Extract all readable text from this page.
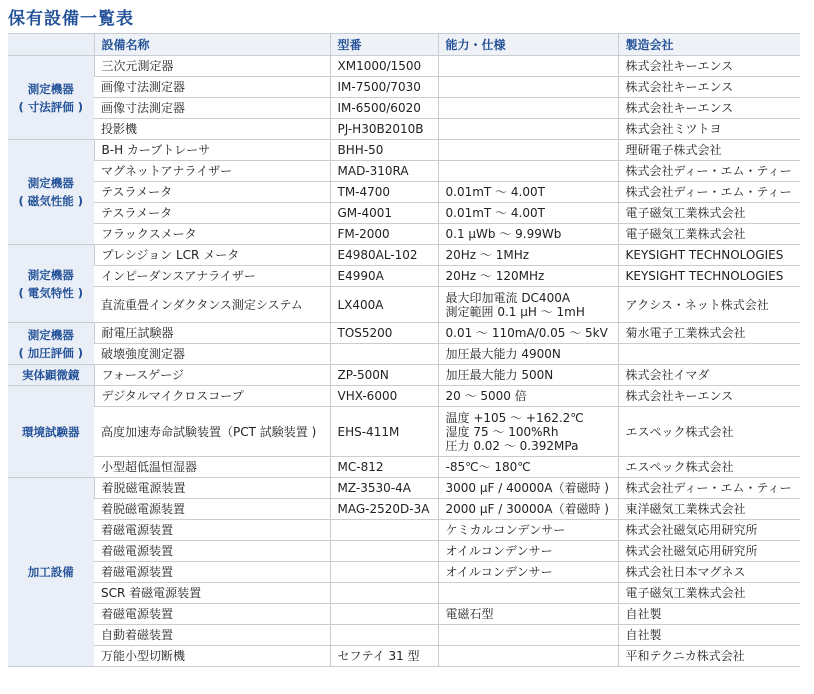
保有設備一覧表
	設備名称	型番	能力・仕様	製造会社

測定機器
( 寸法評価 )	三次元測定器	XM1000/1500		株式会社キーエンス
	画像寸法測定器	IM-7500/7030		株式会社キーエンス
	画像寸法測定器	IM-6500/6020		株式会社キーエンス
	投影機	PJ-H30B2010B		株式会社ミツトヨ

測定機器
( 磁気性能 )	B-H カーブトレーサ	BHH-50		理研電子株式会社
	マグネットアナライザー	MAD-310RA		株式会社ディー・エム・ティー
	テスラメータ	TM-4700	0.01mT ～ 4.00T	株式会社ディー・エム・ティー
	テスラメータ	GM-4001	0.01mT ～ 4.00T	電子磁気工業株式会社
	フラックスメータ	FM-2000	0.1 μWb ～ 9.99Wb	電子磁気工業株式会社

測定機器
( 電気特性 )	プレシジョン LCR メータ	E4980AL-102	20Hz ～ 1MHz	KEYSIGHT TECHNOLOGIES
	インピーダンスアナライザー	E4990A	20Hz ～ 120MHz	KEYSIGHT TECHNOLOGIES
	直流重畳インダクタンス測定システム	LX400A	最大印加電流 DC400A
測定範囲 0.1 μH ～ 1mH	アクシス・ネット株式会社

測定機器
( 加圧評価 )	耐電圧試験器	TOS5200	0.01 ～ 110mA/0.05 ～ 5kV	菊水電子工業株式会社
	破壊強度測定器		加圧最大能力 4900N	

実体顕微鏡	フォースゲージ	ZP-500N	加圧最大能力 500N	株式会社イマダ

環境試験器	デジタルマイクロスコープ	VHX-6000	20 ～ 5000 倍	株式会社キーエンス
	高度加速寿命試験装置（PCT 試験装置 )	EHS-411M	温度 +105 ～ +162.2℃
湿度 75 ～ 100%Rh
圧力 0.02 ～ 0.392MPa	エスペック株式会社
	小型超低温恒湿器	MC-812	-85℃～ 180℃	エスペック株式会社

加工設備	着脱磁電源装置	MZ-3530-4A	3000 μF / 40000A（着磁時 )	株式会社ディー・エム・ティー
	着脱磁電源装置	MAG-2520D-3A	2000 μF / 30000A（着磁時 )	東洋磁気工業株式会社
	着磁電源装置		ケミカルコンデンサー	株式会社磁気応用研究所
	着磁電源装置		オイルコンデンサー	株式会社磁気応用研究所
	着磁電源装置		オイルコンデンサー	株式会社日本マグネス
	SCR 着磁電源装置			電子磁気工業株式会社
	着磁電源装置		電磁石型	自社製
	自動着磁装置			自社製
	万能小型切断機	セフテイ 31 型		平和テクニカ株式会社
